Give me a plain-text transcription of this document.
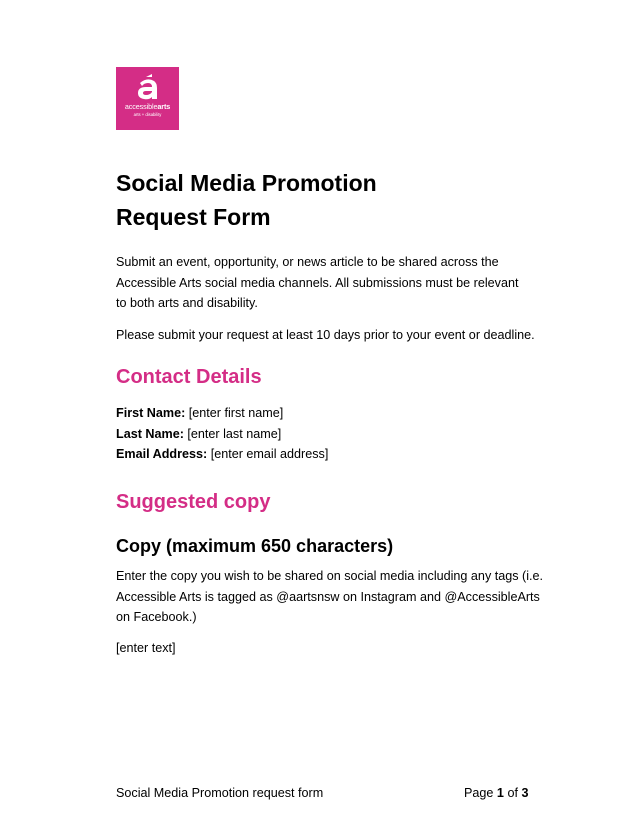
accessiblearts
arts + disability
Social Media Promotion
Request Form

Submit an event, opportunity, or news article to be shared across the
Accessible Arts social media channels. All submissions must be relevant
to both arts and disability.

Please submit your request at least 10 days prior to your event or deadline.

Contact Details
First Name: [enter first name]
Last Name: [enter last name]
Email Address: [enter email address]
Suggested copy
Copy (maximum 650 characters)

Enter the copy you wish to be shared on social media including any tags (i.e.
Accessible Arts is tagged as @aartsnsw on Instagram and @AccessibleArts
on Facebook.)

[enter text]

Social Media Promotion request form	Page 1 of 3
